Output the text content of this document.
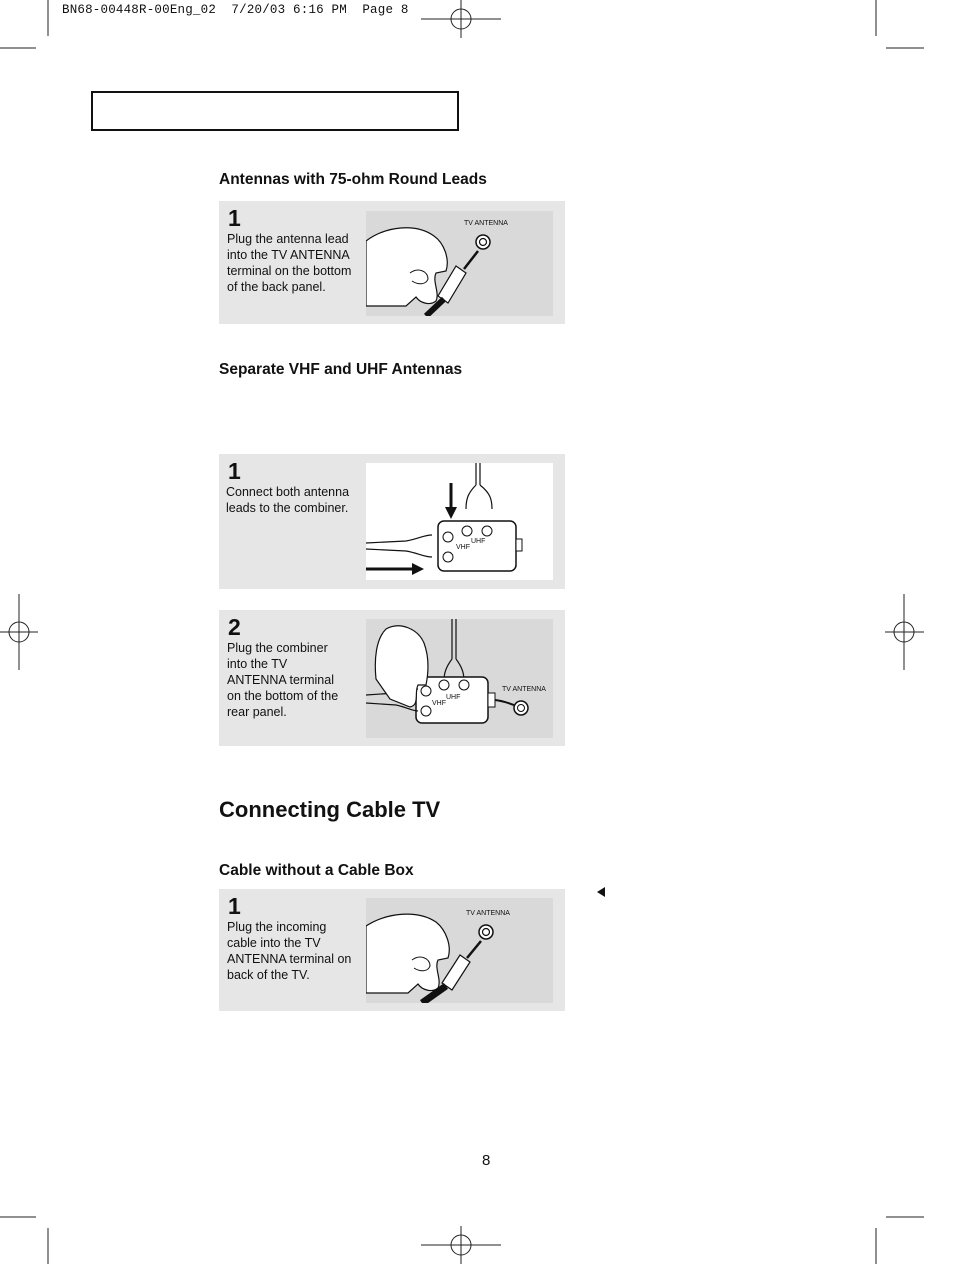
BN68-00448R-00Eng_02  7/20/03 6:16 PM  Page 8
Antennas with 75-ohm Round Leads
1
Plug the antenna lead into the TV ANTENNA terminal on the bottom of the back panel.
TV ANTENNA
Separate VHF and UHF Antennas
1
Connect both antenna leads to the combiner.
UHF
VHF
2
Plug the combiner into the TV ANTENNA terminal on the bottom of the rear panel.
UHF
VHF
TV ANTENNA
Connecting Cable TV
Cable without a Cable Box
1
Plug the incoming cable into the TV ANTENNA terminal on back of the TV.
TV ANTENNA
8
